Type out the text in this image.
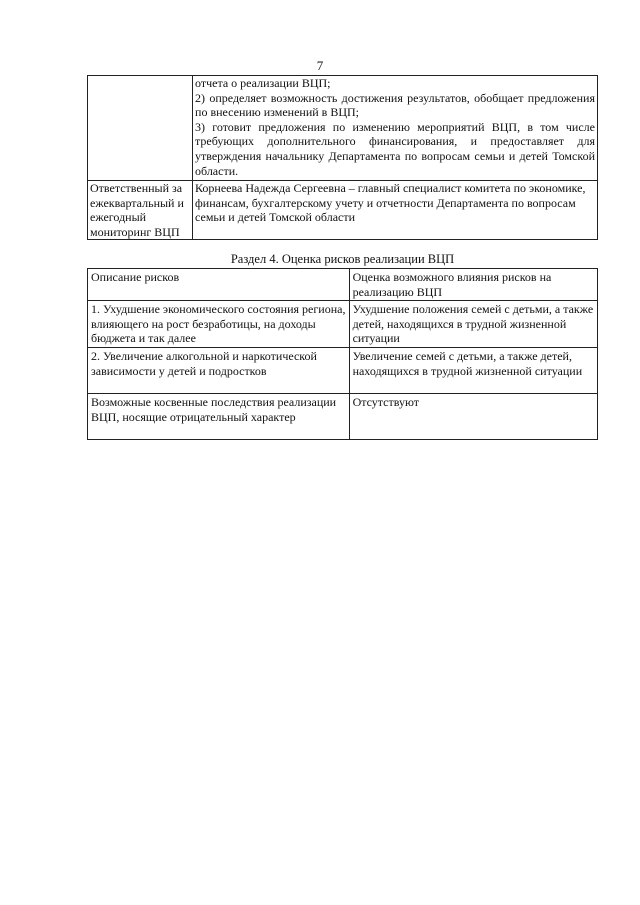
7

	отчета о реализации ВЦП;

2) определяет возможность достижения результатов, обобщает предложения по внесению изменений в ВЦП;

3) готовит предложения по изменению мероприятий ВЦП, в том числе требующих дополнительного финансирования, и предоставляет для утверждения начальнику Департамента по вопросам семьи и детей Томской области.

Ответственный за ежеквартальный и ежегодный мониторинг ВЦП	Корнеева Надежда Сергеевна – главный специалист комитета по экономике, финансам, бухгалтерскому учету и отчетности Департамента по вопросам семьи и детей Томской области
Раздел 4. Оценка рисков реализации ВЦП
Описание рисков	Оценка возможного влияния рисков на реализацию ВЦП
1. Ухудшение экономического состояния региона, влияющего на рост безработицы, на доходы бюджета и так далее	Ухудшение положения семей с детьми, а также детей, находящихся в трудной жизненной ситуации
2. Увеличение алкогольной и наркотической зависимости у детей и подростков	Увеличение семей с детьми, а также детей, находящихся в трудной жизненной ситуации
Возможные косвенные последствия реализации ВЦП, носящие отрицательный характер	Отсутствуют
